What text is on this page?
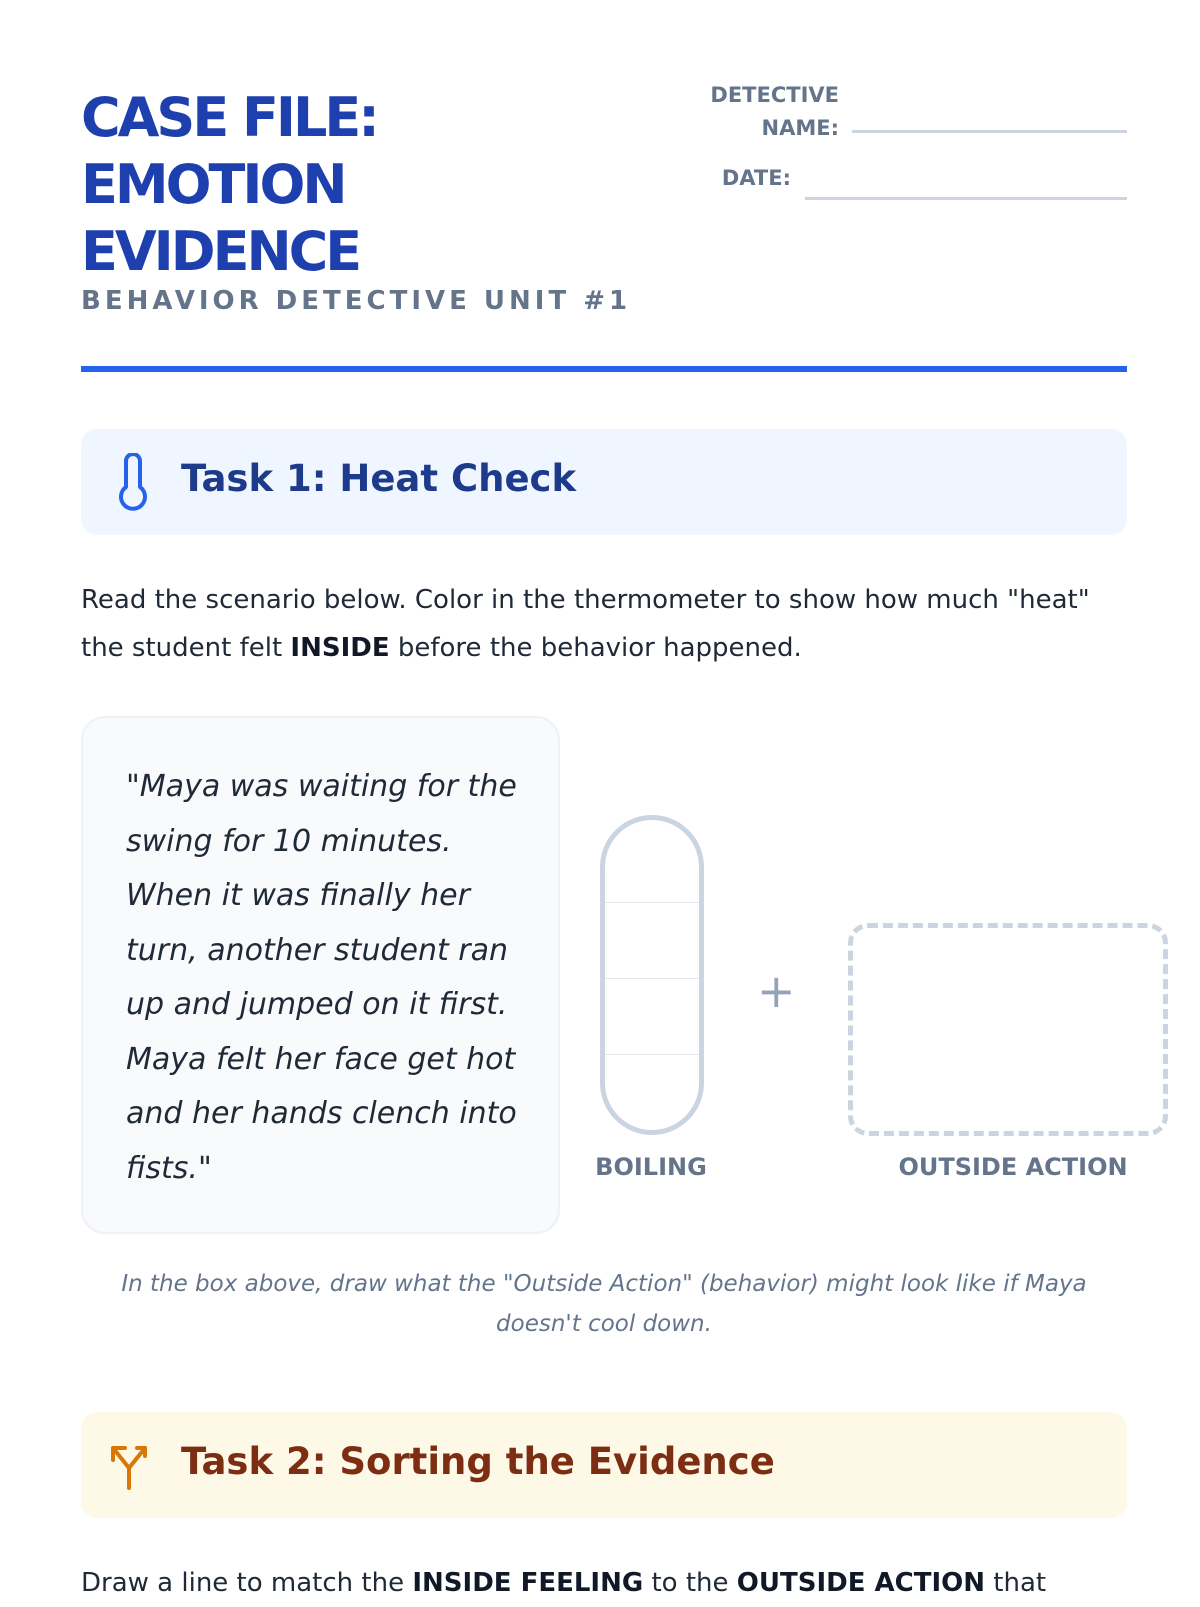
CASE FILE:
EMOTION
EVIDENCE
BEHAVIOR DETECTIVE UNIT #1
DETECTIVE
NAME:
DATE:
Task 1: Heat Check
Read the scenario below. Color in the thermometer to show how much "heat" the student felt INSIDE before the behavior happened.

"Maya was waiting for the swing for 10 minutes. When it was finally her turn, another student ran up and jumped on it first. Maya felt her face get hot and her hands clench into fists."	BOILING
+
OUTSIDE ACTION
In the box above, draw what the "Outside Action" (behavior) might look like if Maya doesn't cool down.
Task 2: Sorting the Evidence
Draw a line to match the INSIDE FEELING to the OUTSIDE ACTION that
